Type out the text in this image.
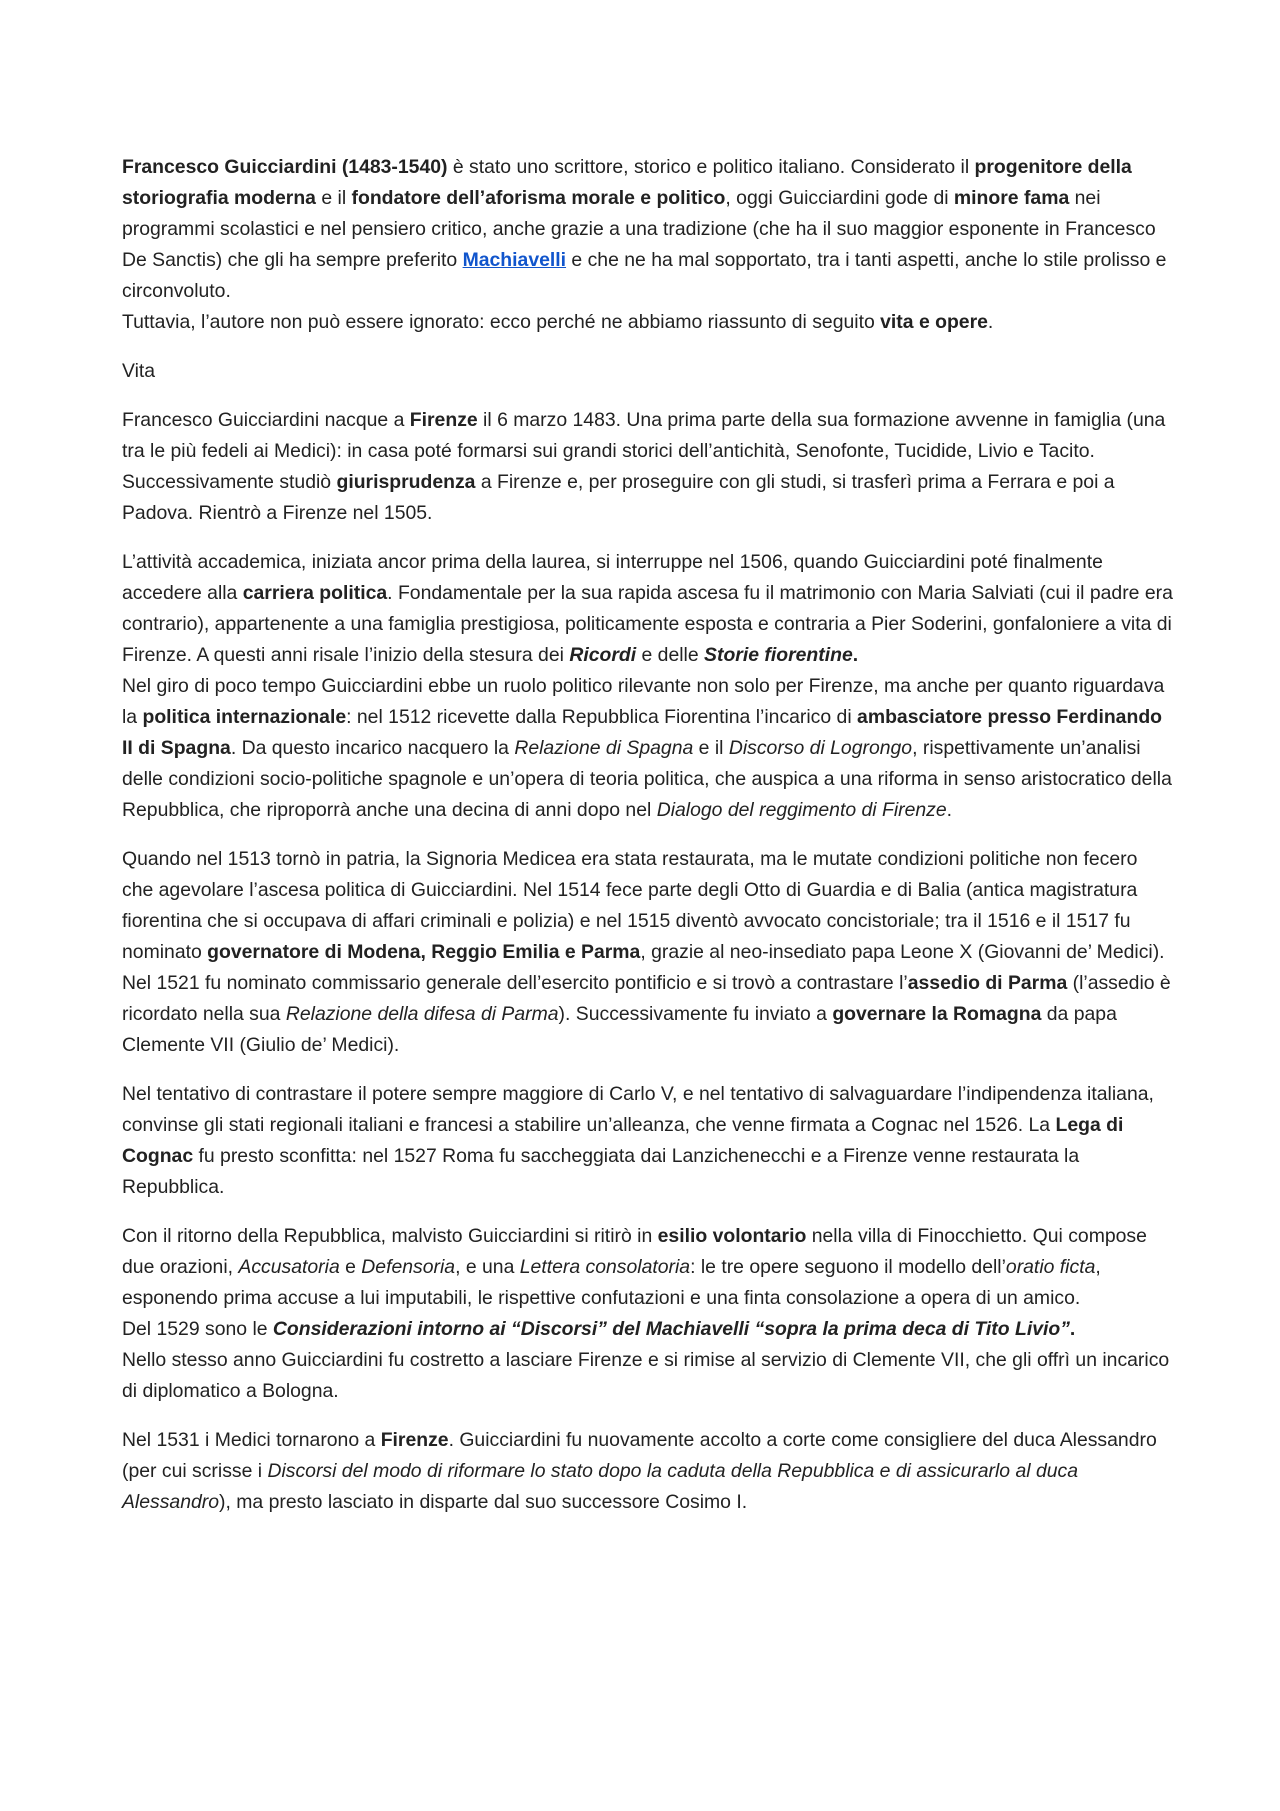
Francesco Guicciardini (1483-1540) è stato uno scrittore, storico e politico italiano. Considerato il progenitore della storiografia moderna e il fondatore dell’aforisma morale e politico, oggi Guicciardini gode di minore fama nei programmi scolastici e nel pensiero critico, anche grazie a una tradizione (che ha il suo maggior esponente in Francesco De Sanctis) che gli ha sempre preferito Machiavelli e che ne ha mal sopportato, tra i tanti aspetti, anche lo stile prolisso e circonvoluto.
Tuttavia, l’autore non può essere ignorato: ecco perché ne abbiamo riassunto di seguito vita e opere.

Vita

Francesco Guicciardini nacque a Firenze il 6 marzo 1483. Una prima parte della sua formazione avvenne in famiglia (una tra le più fedeli ai Medici): in casa poté formarsi sui grandi storici dell’antichità, Senofonte, Tucidide, Livio e Tacito. Successivamente studiò giurisprudenza a Firenze e, per proseguire con gli studi, si trasferì prima a Ferrara e poi a Padova. Rientrò a Firenze nel 1505.

L’attività accademica, iniziata ancor prima della laurea, si interruppe nel 1506, quando Guicciardini poté finalmente accedere alla carriera politica. Fondamentale per la sua rapida ascesa fu il matrimonio con Maria Salviati (cui il padre era contrario), appartenente a una famiglia prestigiosa, politicamente esposta e contraria a Pier Soderini, gonfaloniere a vita di Firenze. A questi anni risale l’inizio della stesura dei Ricordi e delle Storie fiorentine.
Nel giro di poco tempo Guicciardini ebbe un ruolo politico rilevante non solo per Firenze, ma anche per quanto riguardava la politica internazionale: nel 1512 ricevette dalla Repubblica Fiorentina l’incarico di ambasciatore presso Ferdinando II di Spagna. Da questo incarico nacquero la Relazione di Spagna e il Discorso di Logrongo, rispettivamente un’analisi delle condizioni socio-politiche spagnole e un’opera di teoria politica, che auspica a una riforma in senso aristocratico della Repubblica, che riproporrà anche una decina di anni dopo nel Dialogo del reggimento di Firenze.

Quando nel 1513 tornò in patria, la Signoria Medicea era stata restaurata, ma le mutate condizioni politiche non fecero che agevolare l’ascesa politica di Guicciardini. Nel 1514 fece parte degli Otto di Guardia e di Balia (antica magistratura fiorentina che si occupava di affari criminali e polizia) e nel 1515 diventò avvocato concistoriale; tra il 1516 e il 1517 fu nominato governatore di Modena, Reggio Emilia e Parma, grazie al neo-insediato papa Leone X (Giovanni de’ Medici). Nel 1521 fu nominato commissario generale dell’esercito pontificio e si trovò a contrastare l’assedio di Parma (l’assedio è ricordato nella sua Relazione della difesa di Parma). Successivamente fu inviato a governare la Romagna da papa Clemente VII (Giulio de’ Medici).

Nel tentativo di contrastare il potere sempre maggiore di Carlo V, e nel tentativo di salvaguardare l’indipendenza italiana, convinse gli stati regionali italiani e francesi a stabilire un’alleanza, che venne firmata a Cognac nel 1526. La Lega di Cognac fu presto sconfitta: nel 1527 Roma fu saccheggiata dai Lanzichenecchi e a Firenze venne restaurata la Repubblica.

Con il ritorno della Repubblica, malvisto Guicciardini si ritirò in esilio volontario nella villa di Finocchietto. Qui compose due orazioni, Accusatoria e Defensoria, e una Lettera consolatoria: le tre opere seguono il modello dell’oratio ficta, esponendo prima accuse a lui imputabili, le rispettive confutazioni e una finta consolazione a opera di un amico.
Del 1529 sono le Considerazioni intorno ai “Discorsi” del Machiavelli “sopra la prima deca di Tito Livio”.
Nello stesso anno Guicciardini fu costretto a lasciare Firenze e si rimise al servizio di Clemente VII, che gli offrì un incarico di diplomatico a Bologna.

Nel 1531 i Medici tornarono a Firenze. Guicciardini fu nuovamente accolto a corte come consigliere del duca Alessandro (per cui scrisse i Discorsi del modo di riformare lo stato dopo la caduta della Repubblica e di assicurarlo al duca Alessandro), ma presto lasciato in disparte dal suo successore Cosimo I.
